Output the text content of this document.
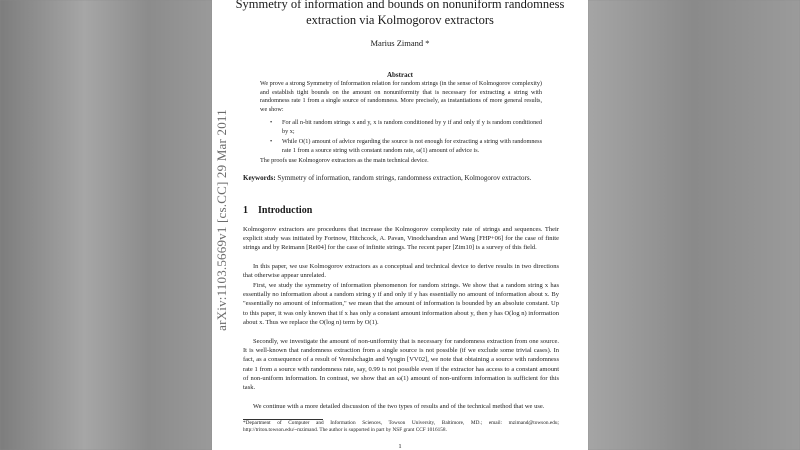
Symmetry of information and bounds on nonuniform randomness
extraction via Kolmogorov extractors
Marius Zimand *
Abstract
We prove a strong Symmetry of Information relation for random strings (in the sense of Kolmogorov complexity) and establish tight bounds on the amount on nonuniformity that is necessary for extracting a string with randomness rate 1 from a single source of randomness. More precisely, as instantiations of more general results, we show:
• For all n-bit random strings x and y, x is random conditioned by y if and only if y is random conditioned by x;
• While O(1) amount of advice regarding the source is not enough for extracting a string with randomness rate 1 from a source string with constant random rate, ω(1) amount of advice is.
The proofs use Kolmogorov extractors as the main technical device.
Keywords: Symmetry of information, random strings, randomness extraction, Kolmogorov extractors.
1 Introduction
Kolmogorov extractors are procedures that increase the Kolmogorov complexity rate of strings and sequences. Their explicit study was initiated by Fortnow, Hitchcock, A. Pavan, Vinodchandran and Wang [FHP+06] for the case of finite strings and by Reimann [Rei04] for the case of infinite strings. The recent paper [Zim10] is a survey of this field.
In this paper, we use Kolmogorov extractors as a conceptual and technical device to derive results in two directions that otherwise appear unrelated.
First, we study the symmetry of information phenomenon for random strings. We show that a random string x has essentially no information about a random string y if and only if y has essentially no amount of information about x. By "essentially no amount of information," we mean that the amount of information is bounded by an absolute constant. Up to this paper, it was only known that if x has only a constant amount information about y, then y has O(log n) information about x. Thus we replace the O(log n) term by O(1).
Secondly, we investigate the amount of non-uniformity that is necessary for randomness extraction from one source. It is well-known that randomness extraction from a single source is not possible (if we exclude some trivial cases). In fact, as a consequence of a result of Vereshchagin and Vyugin [VV02], we note that obtaining a source with randomness rate 1 from a source with randomness rate, say, 0.99 is not possible even if the extractor has access to a constant amount of non-uniform information. In contrast, we show that an ω(1) amount of non-uniform information is sufficient for this task.
We continue with a more detailed discussion of the two types of results and of the technical method that we use.
*Department of Computer and Information Sciences, Towson University, Baltimore, MD.; email: mzimand@towson.edu; http://triton.towson.edu/~mzimand. The author is supported in part by NSF grant CCF 1016158.
1
arXiv:1103.5669v1 [cs.CC] 29 Mar 2011
